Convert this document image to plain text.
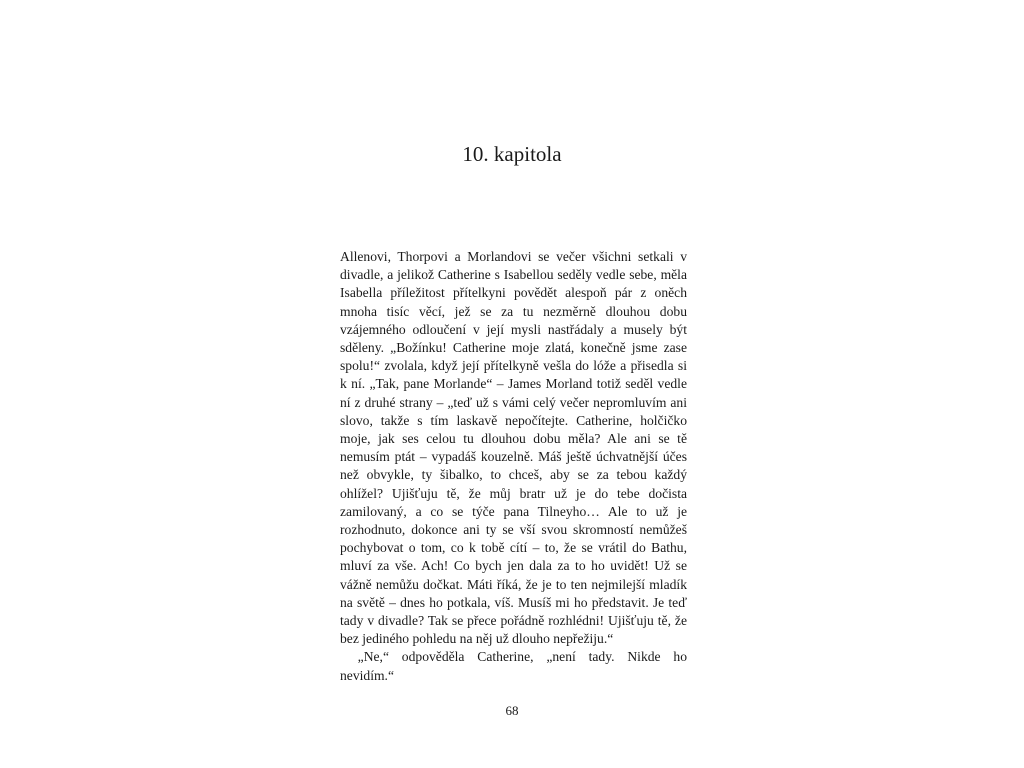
10. kapitola

Allenovi, Thorpovi a Morlandovi se večer všichni setkali v divadle, a jelikož Catherine s Isabellou seděly vedle sebe, měla Isabella příležitost přítelkyni povědět alespoň pár z oněch mnoha tisíc věcí, jež se za tu nezměrně dlouhou dobu vzájemného odloučení v její mysli nastřádaly a musely být sděleny. „Božínku! Catherine moje zlatá, konečně jsme zase spolu!“ zvolala, když její přítelkyně vešla do lóže a přisedla si k ní. „Tak, pane Morlande“ – James Morland totiž seděl vedle ní z druhé strany – „teď už s vámi celý večer nepromluvím ani slovo, takže s tím laskavě nepočítejte. Catherine, holčičko moje, jak ses celou tu dlouhou dobu měla? Ale ani se tě nemusím ptát – vypadáš kouzelně. Máš ještě úchvatnější účes než obvykle, ty šibalko, to chceš, aby se za tebou každý ohlížel? Ujišťuju tě, že můj bratr už je do tebe dočista zamilovaný, a co se týče pana Tilneyho… Ale to už je rozhodnuto, dokonce ani ty se vší svou skromností nemůžeš pochybovat o tom, co k tobě cítí – to, že se vrátil do Bathu, mluví za vše. Ach! Co bych jen dala za to ho uvidět! Už se vážně nemůžu dočkat. Máti říká, že je to ten nejmilejší mladík na světě – dnes ho potkala, víš. Musíš mi ho představit. Je teď tady v divadle? Tak se přece pořádně rozhlédni! Ujišťuju tě, že bez jediného pohledu na něj už dlouho nepřežiju.“

„Ne,“ odpověděla Catherine, „není tady. Nikde ho nevidím.“

68
